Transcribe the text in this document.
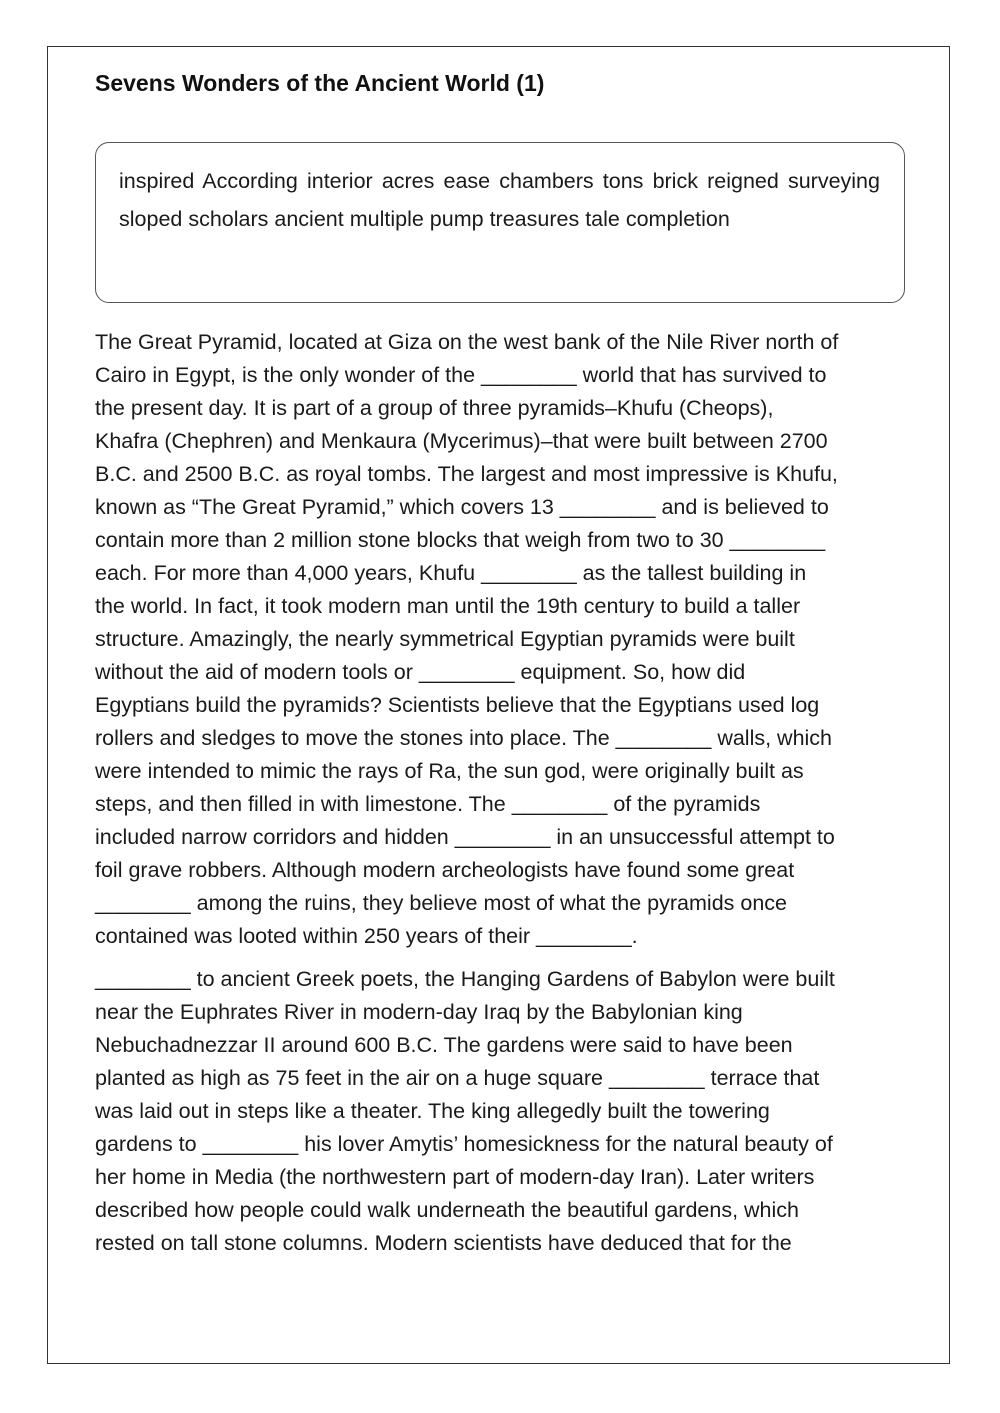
Sevens Wonders of the Ancient World (1)
inspired According interior acres ease chambers tons brick reigned surveying sloped scholars ancient multiple pump treasures tale completion
The Great Pyramid, located at Giza on the west bank of the Nile River north of
Cairo in Egypt, is the only wonder of the ________ world that has survived to
the present day. It is part of a group of three pyramids–Khufu (Cheops),
Khafra (Chephren) and Menkaura (Mycerimus)–that were built between 2700
B.C. and 2500 B.C. as royal tombs. The largest and most impressive is Khufu,
known as “The Great Pyramid,” which covers 13 ________ and is believed to
contain more than 2 million stone blocks that weigh from two to 30 ________
each. For more than 4,000 years, Khufu ________ as the tallest building in
the world. In fact, it took modern man until the 19th century to build a taller
structure. Amazingly, the nearly symmetrical Egyptian pyramids were built
without the aid of modern tools or ________ equipment. So, how did
Egyptians build the pyramids? Scientists believe that the Egyptians used log
rollers and sledges to move the stones into place. The ________ walls, which
were intended to mimic the rays of Ra, the sun god, were originally built as
steps, and then filled in with limestone. The ________ of the pyramids
included narrow corridors and hidden ________ in an unsuccessful attempt to
foil grave robbers. Although modern archeologists have found some great
________ among the ruins, they believe most of what the pyramids once
contained was looted within 250 years of their ________.
________ to ancient Greek poets, the Hanging Gardens of Babylon were built
near the Euphrates River in modern-day Iraq by the Babylonian king
Nebuchadnezzar II around 600 B.C. The gardens were said to have been
planted as high as 75 feet in the air on a huge square ________ terrace that
was laid out in steps like a theater. The king allegedly built the towering
gardens to ________ his lover Amytis’ homesickness for the natural beauty of
her home in Media (the northwestern part of modern-day Iran). Later writers
described how people could walk underneath the beautiful gardens, which
rested on tall stone columns. Modern scientists have deduced that for the
